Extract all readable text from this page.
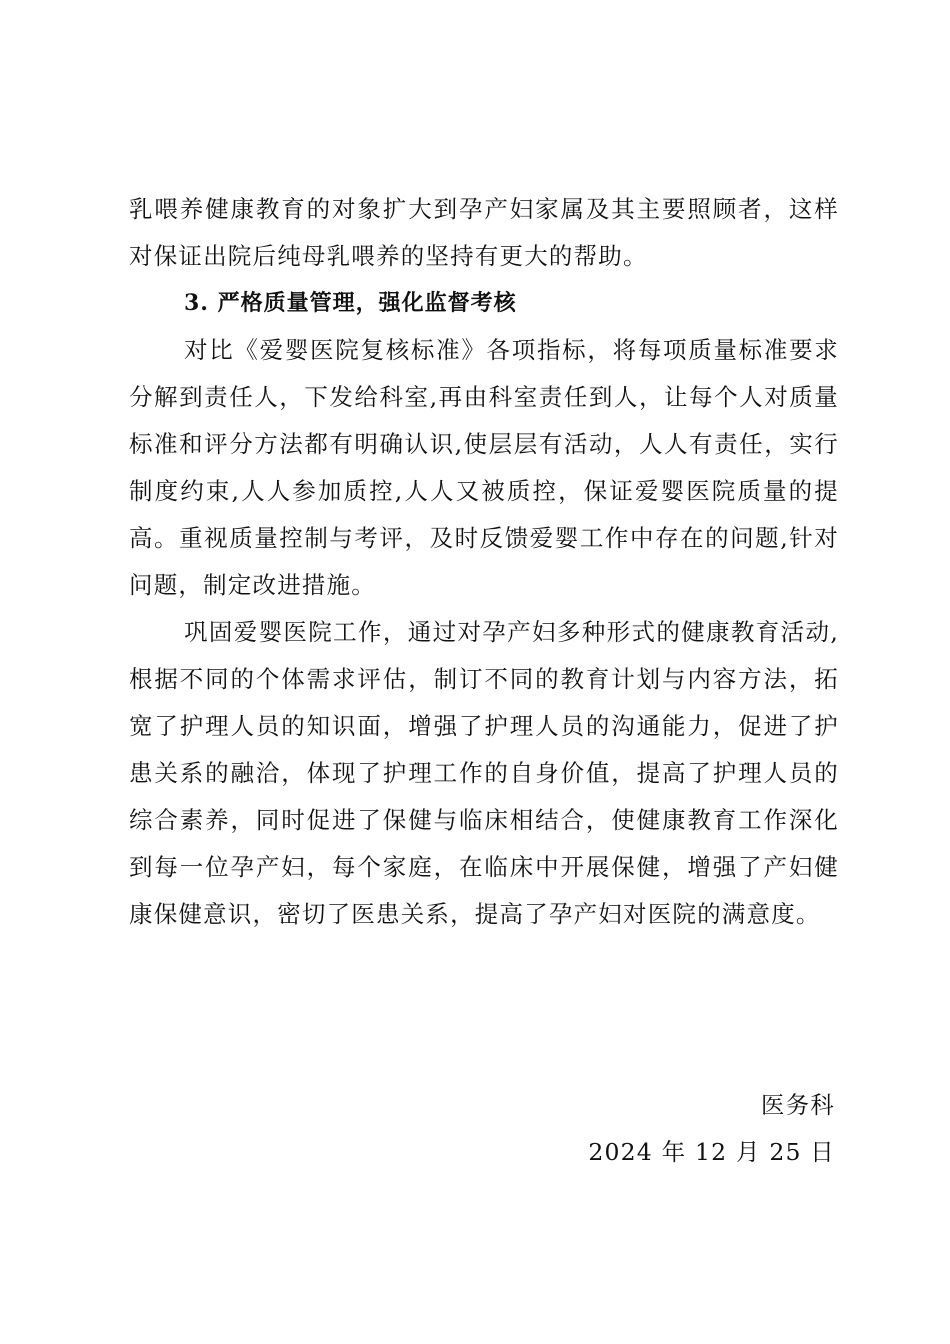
乳喂养健康教育的对象扩大到孕产妇家属及其主要照顾者，这样对保证出院后纯母乳喂养的坚持有更大的帮助。

3. 严格质量管理，强化监督考核

对比《爱婴医院复核标准》各项指标，将每项质量标准要求分解到责任人，下发给科室,再由科室责任到人，让每个人对质量标准和评分方法都有明确认识,使层层有活动，人人有责任，实行制度约束,人人参加质控,人人又被质控，保证爱婴医院质量的提高。重视质量控制与考评，及时反馈爱婴工作中存在的问题,针对问题，制定改进措施。

巩固爱婴医院工作，通过对孕产妇多种形式的健康教育活动,根据不同的个体需求评估，制订不同的教育计划与内容方法，拓宽了护理人员的知识面，增强了护理人员的沟通能力，促进了护患关系的融洽，体现了护理工作的自身价值，提高了护理人员的综合素养，同时促进了保健与临床相结合，使健康教育工作深化到每一位孕产妇，每个家庭，在临床中开展保健，增强了产妇健康保健意识，密切了医患关系，提高了孕产妇对医院的满意度。

医务科
2024 年 12 月 25 日
